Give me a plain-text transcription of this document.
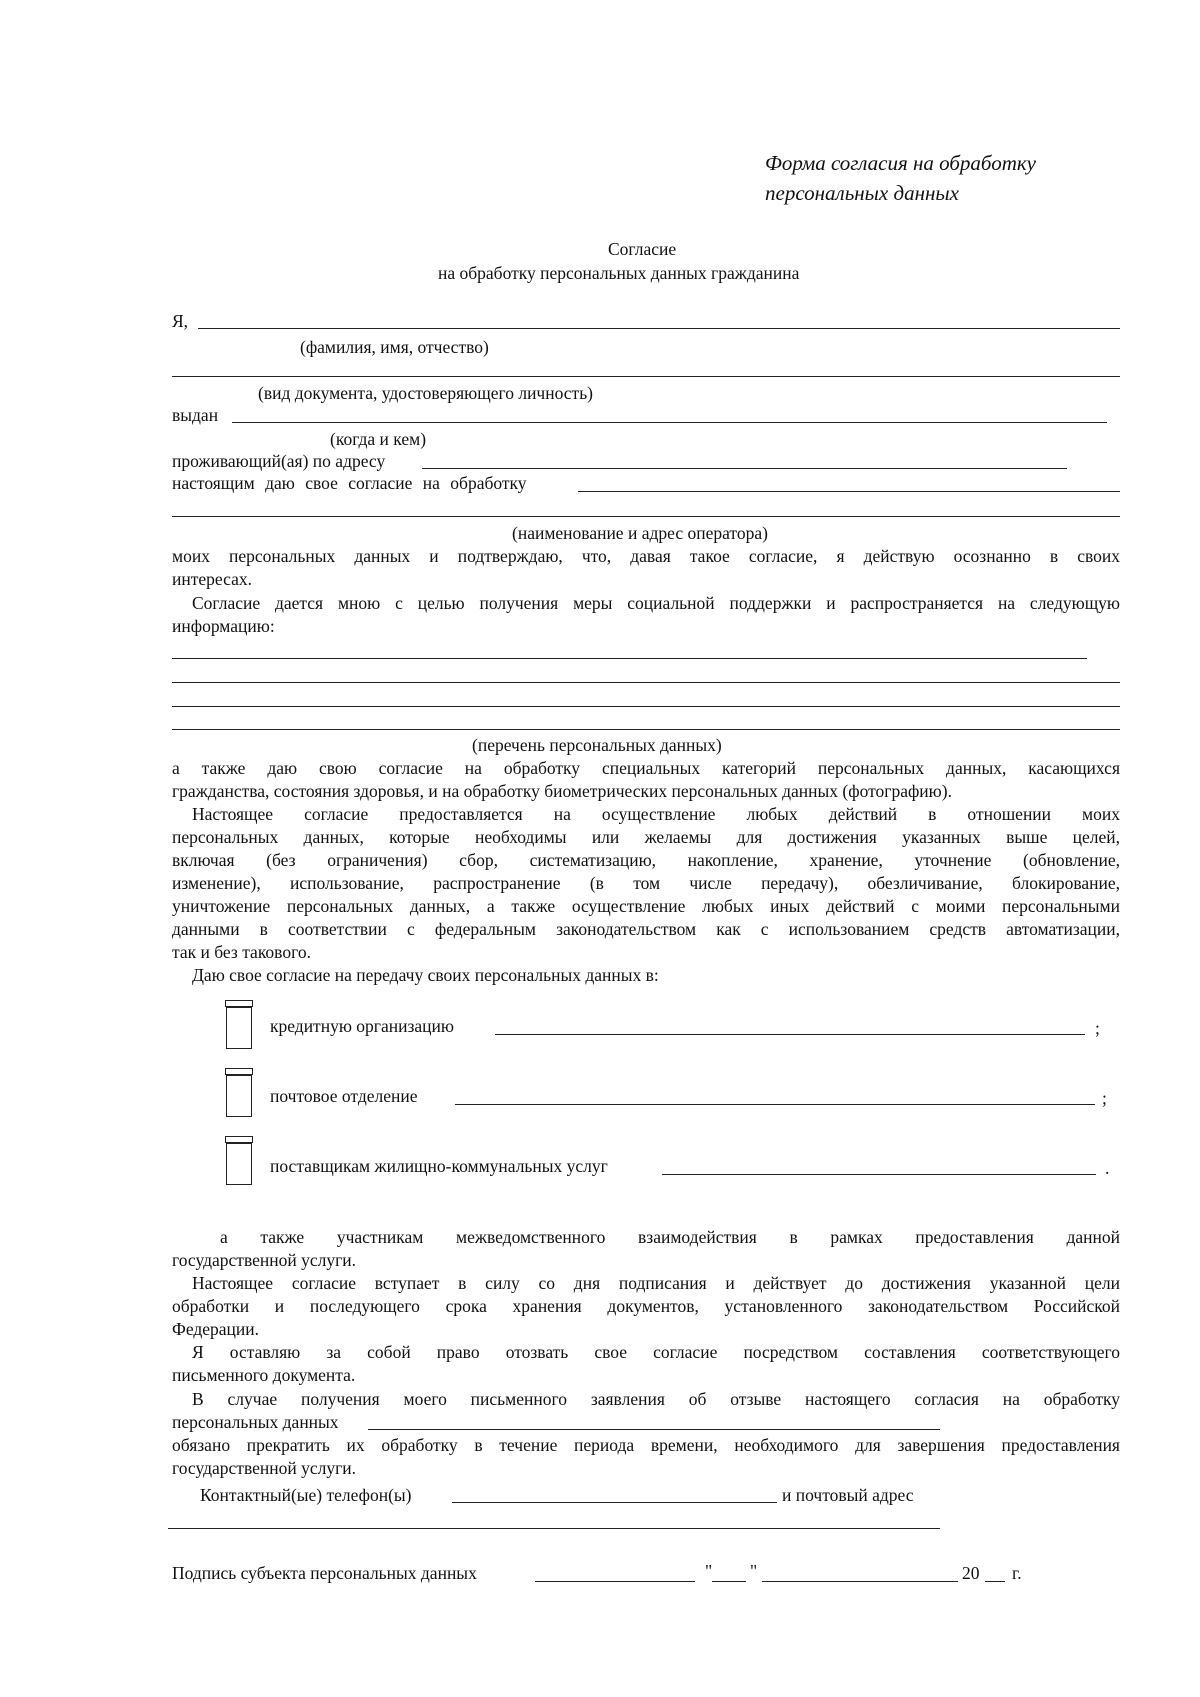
Форма согласия на обработку
персональных данных
Согласие
на обработку персональных данных гражданина
Я,
(фамилия, имя, отчество)
(вид документа, удостоверяющего личность)
выдан
(когда и кем)
проживающий(ая) по адресу
настоящим даю свое согласие на обработку
(наименование и адрес оператора)
моих персональных данных и подтверждаю, что, давая такое согласие, я действую осознанно в своих
интересах.
Согласие дается мною с целью получения меры социальной поддержки и распространяется на следующую
информацию:
(перечень персональных данных)
а также даю свою согласие на обработку специальных категорий персональных данных, касающихся
гражданства, состояния здоровья, и на обработку биометрических персональных данных (фотографию).
Настоящее согласие предоставляется на осуществление любых действий в отношении моих
персональных данных, которые необходимы или желаемы для достижения указанных выше целей,
включая (без ограничения) сбор, систематизацию, накопление, хранение, уточнение (обновление,
изменение), использование, распространение (в том числе передачу), обезличивание, блокирование,
уничтожение персональных данных, а также осуществление любых иных действий с моими персональными
данными в соответствии с федеральным законодательством как с использованием средств автоматизации,
так и без такового.
Даю свое согласие на передачу своих персональных данных в:
кредитную организацию	;
почтовое отделение	;
поставщикам жилищно-коммунальных услуг	.
а также участникам межведомственного взаимодействия в рамках предоставления данной
государственной услуги.
Настоящее согласие вступает в силу со дня подписания и действует до достижения указанной цели
обработки и последующего срока хранения документов, установленного законодательством Российской
Федерации.
Я оставляю за собой право отозвать свое согласие посредством составления соответствующего
письменного документа.
В случае получения моего письменного заявления об отзыве настоящего согласия на обработку
персональных данных
обязано прекратить их обработку в течение периода времени, необходимого для завершения предоставления
государственной услуги.
Контактный(ые) телефон(ы)	и почтовый адрес
Подпись субъекта персональных данных	" "	20 г.
